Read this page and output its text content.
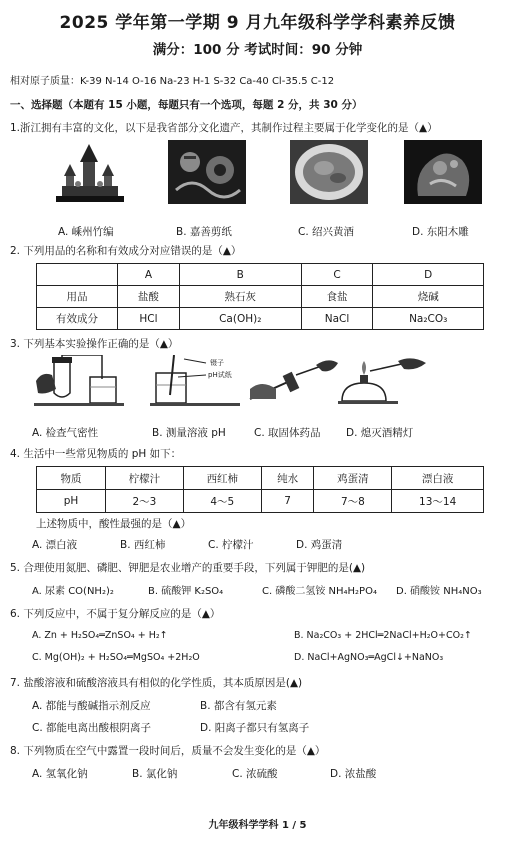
2025 学年第一学期 9 月九年级科学学科素养反馈
满分：100 分 考试时间：90 分钟
相对原子质量：K-39 N-14 O-16 Na-23 H-1 S-32 Ca-40 Cl-35.5 C-12
一、选择题（本题有 15 小题，每题只有一个选项，每题 2 分，共 30 分）
1.浙江拥有丰富的文化，以下是我省部分文化遗产，其制作过程主要属于化学变化的是（▲）
A. 嵊州竹编	B. 嘉善剪纸	C. 绍兴黄酒	D. 东阳木雕
2. 下列用品的名称和有效成分对应错误的是（▲）
	A	B	C	D
用品	盐酸	熟石灰	食盐	烧碱
有效成分	HCl	Ca(OH)₂	NaCl	Na₂CO₃
3. 下列基本实验操作正确的是（▲）
镊子
pH试纸
A. 检查气密性	B. 测量溶液 pH	C. 取固体药品 D. 熄灭酒精灯
4. 生活中一些常见物质的 pH 如下：
物质	柠檬汁	西红柿	纯水	鸡蛋清	漂白液
pH	2～3	4～5	7	7～8	13～14
上述物质中，酸性最强的是（▲）
A. 漂白液	B. 西红柿	C. 柠檬汁	D. 鸡蛋清
5. 合理使用氮肥、磷肥、钾肥是农业增产的重要手段，下列属于钾肥的是(▲)
A. 尿素 CO(NH₂)₂	B. 硫酸钾 K₂SO₄	C. 磷酸二氢铵 NH₄H₂PO₄ D. 硝酸铵 NH₄NO₃
6. 下列反应中，不属于复分解反应的是（▲）
A. Zn + H₂SO₄═ZnSO₄ + H₂↑	B. Na₂CO₃ + 2HCl═2NaCl+H₂O+CO₂↑
C. Mg(OH)₂ + H₂SO₄═MgSO₄ +2H₂O	D. NaCl+AgNO₃═AgCl↓+NaNO₃
7. 盐酸溶液和硫酸溶液具有相似的化学性质，其本质原因是(▲)
A. 都能与酸碱指示剂反应	B. 都含有氢元素
C. 都能电离出酸根阴离子	D. 阳离子都只有氢离子
8. 下列物质在空气中露置一段时间后，质量不会发生变化的是（▲）
A. 氢氧化钠	B. 氯化钠	C. 浓硫酸	D. 浓盐酸
九年级科学学科 1 / 5
